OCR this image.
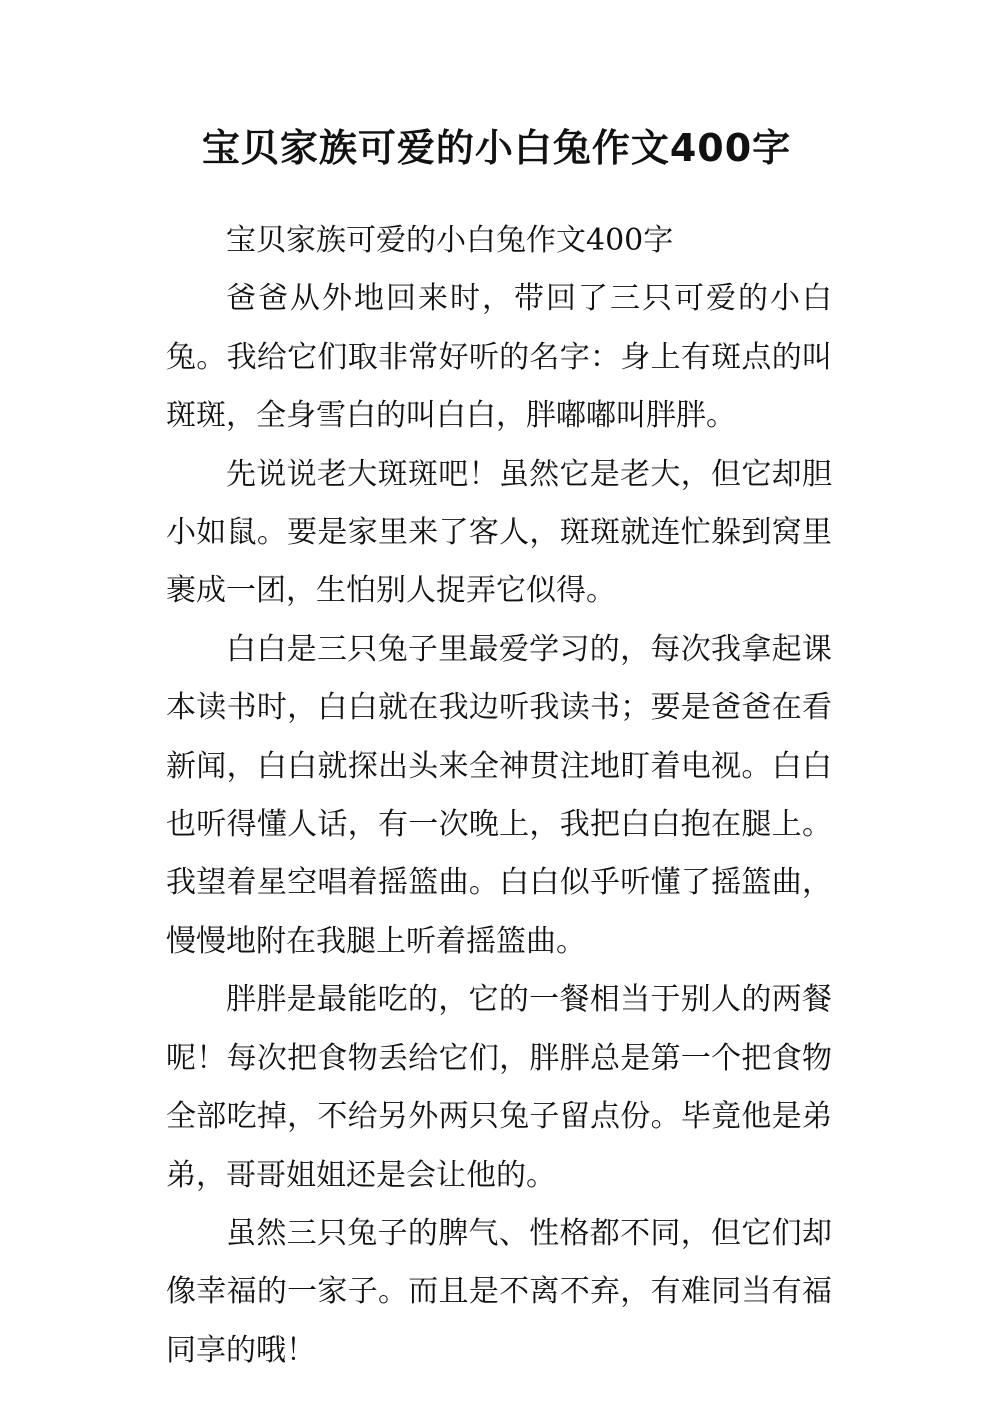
宝贝家族可爱的小白兔作文400字

宝贝家族可爱的小白兔作文400字

爸爸从外地回来时，带回了三只可爱的小白兔。我给它们取非常好听的名字：身上有斑点的叫斑斑，全身雪白的叫白白，胖嘟嘟叫胖胖。

先说说老大斑斑吧！虽然它是老大，但它却胆小如鼠。要是家里来了客人，斑斑就连忙躲到窝里裹成一团，生怕别人捉弄它似得。

白白是三只兔子里最爱学习的，每次我拿起课本读书时，白白就在我边听我读书；要是爸爸在看新闻，白白就探出头来全神贯注地盯着电视。白白也听得懂人话，有一次晚上，我把白白抱在腿上。我望着星空唱着摇篮曲。白白似乎听懂了摇篮曲，慢慢地附在我腿上听着摇篮曲。

胖胖是最能吃的，它的一餐相当于别人的两餐呢！每次把食物丢给它们，胖胖总是第一个把食物全部吃掉，不给另外两只兔子留点份。毕竟他是弟弟，哥哥姐姐还是会让他的。

虽然三只兔子的脾气、性格都不同，但它们却像幸福的一家子。而且是不离不弃，有难同当有福同享的哦！
